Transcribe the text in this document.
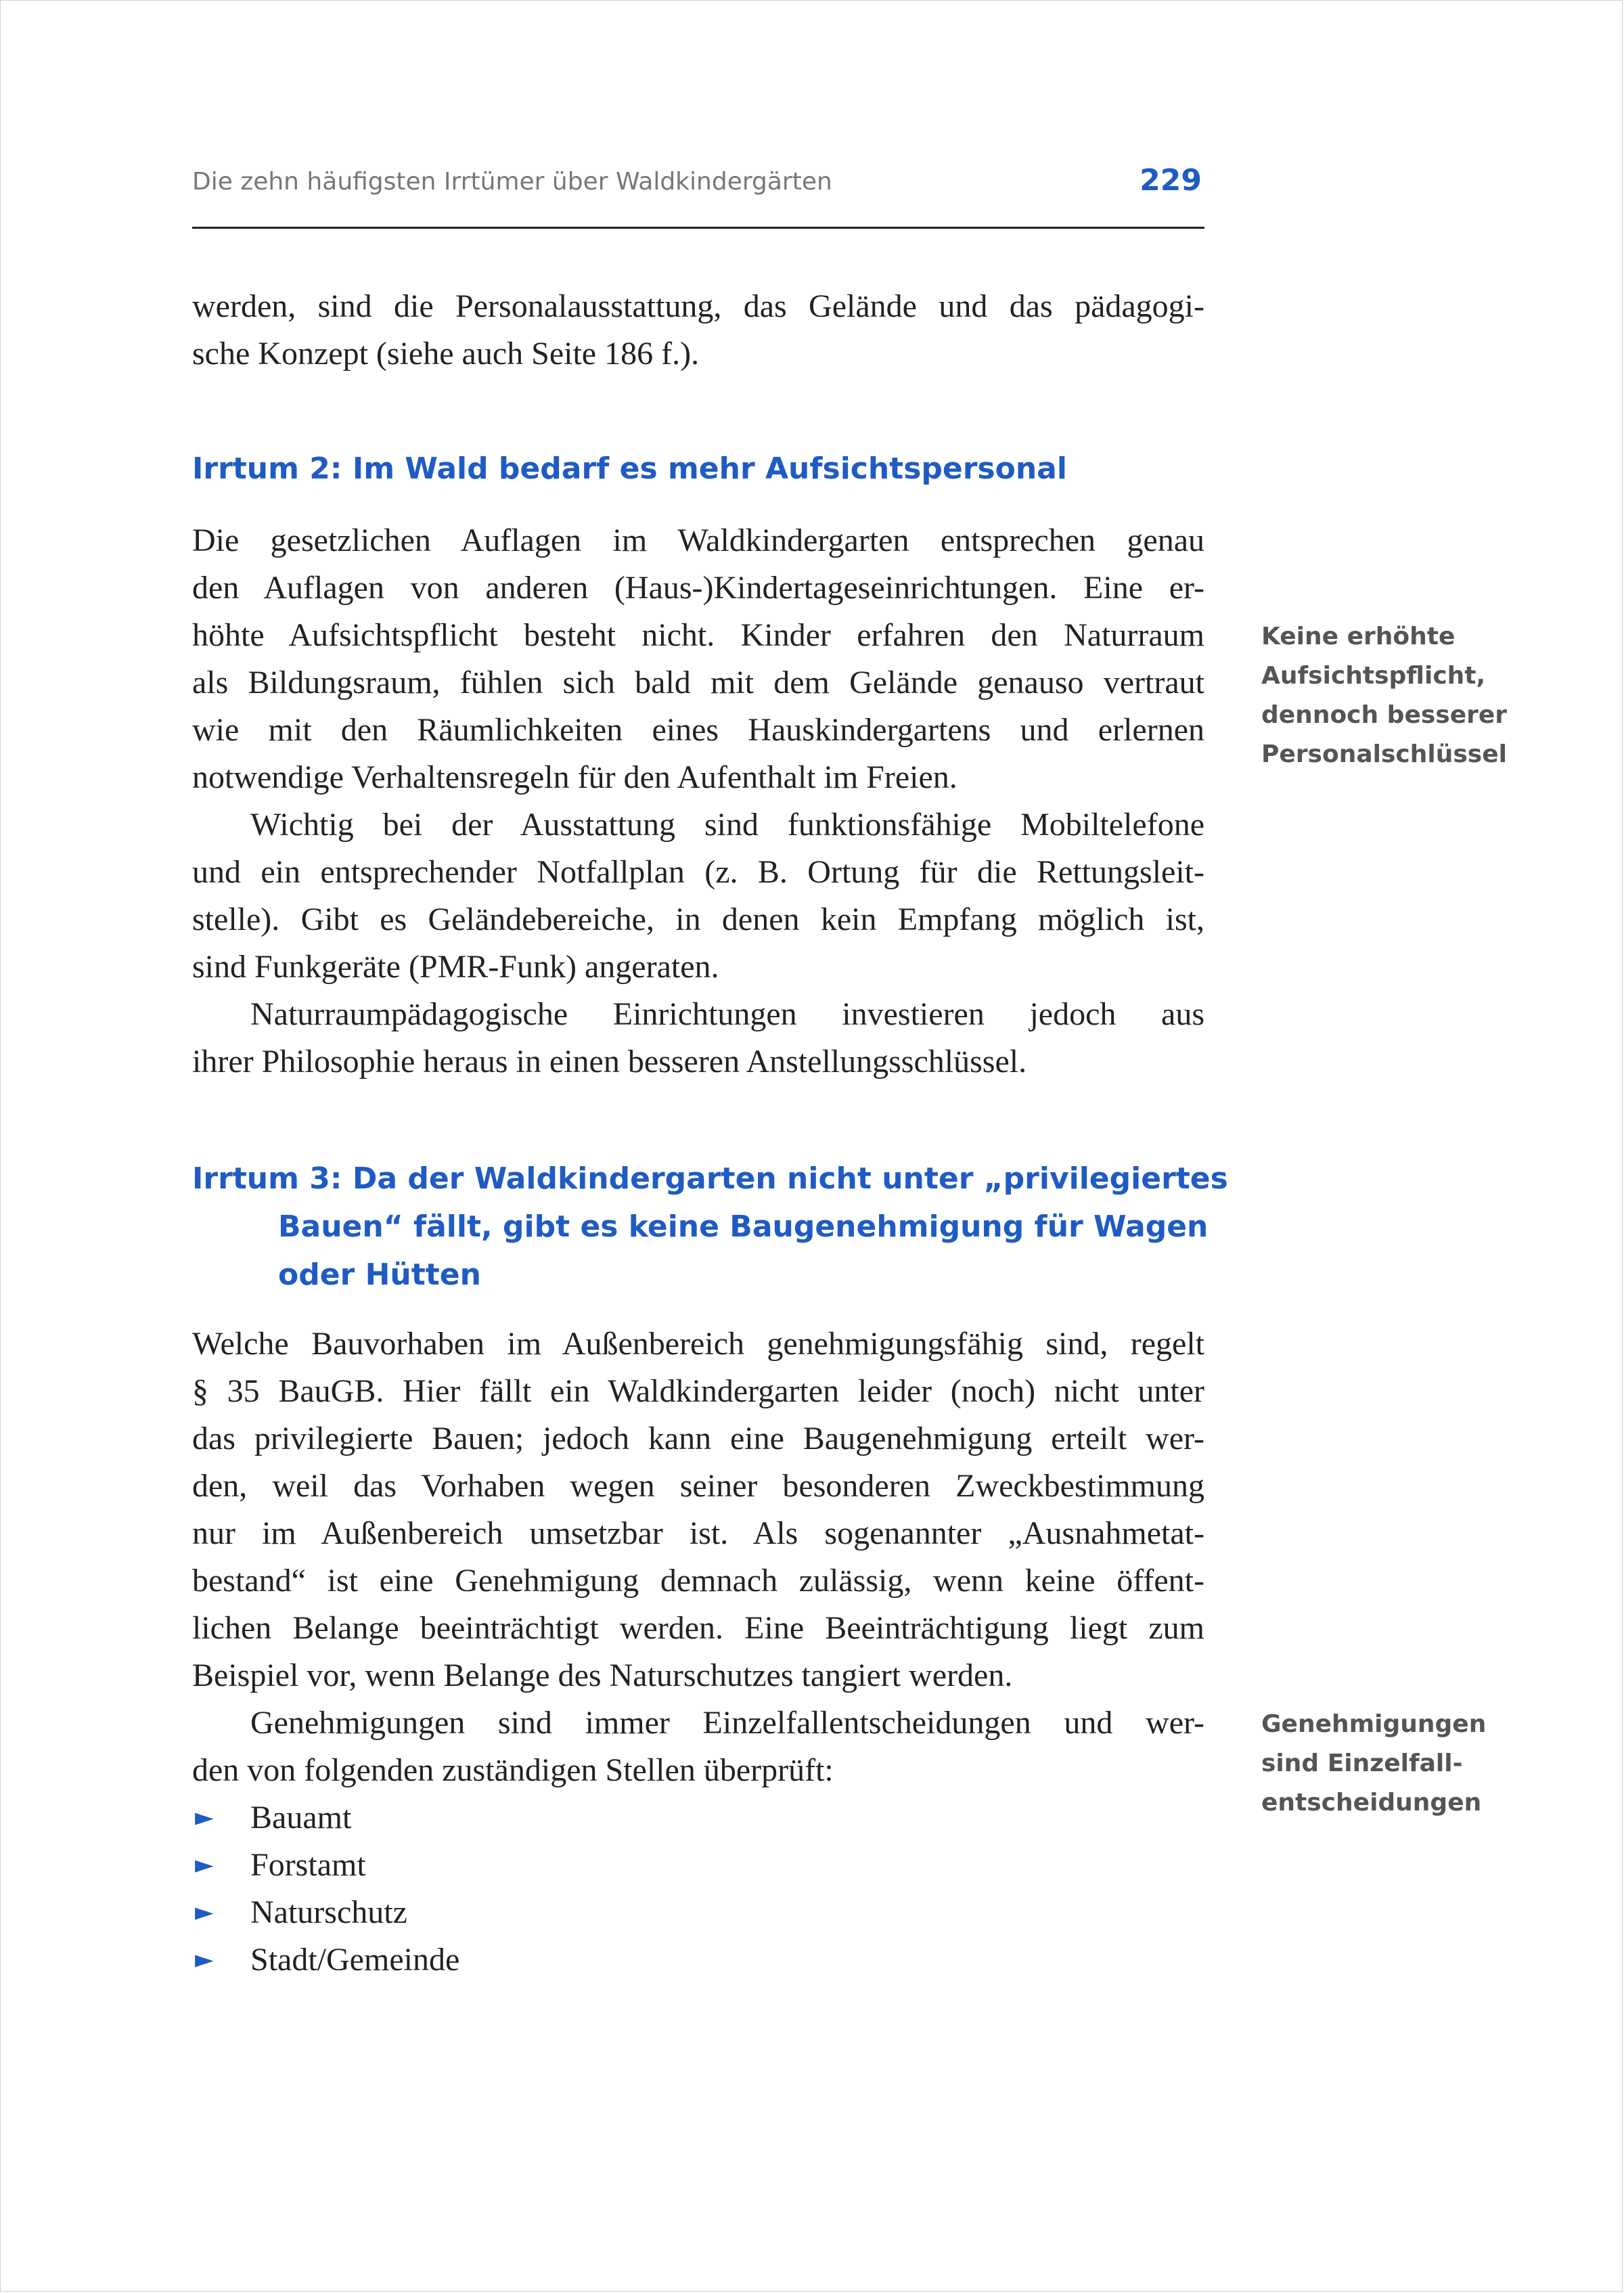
Die zehn häufigsten Irrtümer über Waldkindergärten	229
werden, sind die Personalausstattung, das Gelände und das pädagogi-
sche Konzept (siehe auch Seite 186 f.).
Irrtum 2: Im Wald bedarf es mehr Aufsichtspersonal
Die gesetzlichen Auflagen im Waldkindergarten entsprechen genau
den Auflagen von anderen (Haus-)Kindertageseinrichtungen. Eine er-
höhte Aufsichtspflicht besteht nicht. Kinder erfahren den Naturraum
als Bildungsraum, fühlen sich bald mit dem Gelände genauso vertraut
wie mit den Räumlichkeiten eines Hauskindergartens und erlernen
notwendige Verhaltensregeln für den Aufenthalt im Freien.
Wichtig bei der Ausstattung sind funktionsfähige Mobiltelefone
und ein entsprechender Notfallplan (z. B. Ortung für die Rettungsleit-
stelle). Gibt es Geländebereiche, in denen kein Empfang möglich ist,
sind Funkgeräte (PMR-Funk) angeraten.
Naturraumpädagogische Einrichtungen investieren jedoch aus
ihrer Philosophie heraus in einen besseren Anstellungsschlüssel.
Keine erhöhte
Aufsichtspflicht,
dennoch besserer
Personalschlüssel
Irrtum 3: Da der Waldkindergarten nicht unter „privilegiertes
Bauen“ fällt, gibt es keine Baugenehmigung für Wagen
oder Hütten
Welche Bauvorhaben im Außenbereich genehmigungsfähig sind, regelt
§ 35 BauGB. Hier fällt ein Waldkindergarten leider (noch) nicht unter
das privilegierte Bauen; jedoch kann eine Baugenehmigung erteilt wer-
den, weil das Vorhaben wegen seiner besonderen Zweckbestimmung
nur im Außenbereich umsetzbar ist. Als sogenannter „Ausnahmetat-
bestand“ ist eine Genehmigung demnach zulässig, wenn keine öffent-
lichen Belange beeinträchtigt werden. Eine Beeinträchtigung liegt zum
Beispiel vor, wenn Belange des Naturschutzes tangiert werden.
Genehmigungen sind immer Einzelfallentscheidungen und wer-
den von folgenden zuständigen Stellen überprüft:
► Bauamt
► Forstamt
► Naturschutz
► Stadt/Gemeinde
Genehmigungen
sind Einzelfall-
entscheidungen
